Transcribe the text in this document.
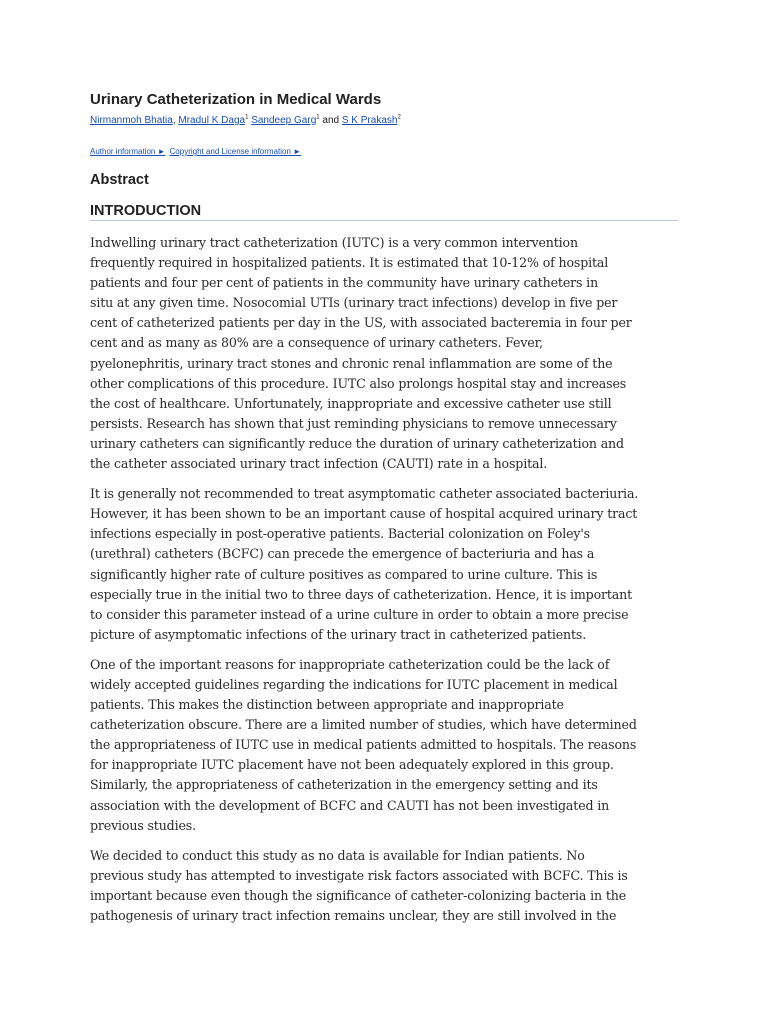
Urinary Catheterization in Medical Wards
Nirmanmoh Bhatia, Mradul K Daga$^1$ Sandeep Garg$^1$ and S K Prakash$^2$
Author information ► Copyright and License information ►
Abstract
INTRODUCTION

Indwelling urinary tract catheterization (IUTC) is a very common intervention
frequently required in hospitalized patients. It is estimated that 10-12% of hospital
patients and four per cent of patients in the community have urinary catheters in
situ at any given time. Nosocomial UTIs (urinary tract infections) develop in five per
cent of catheterized patients per day in the US, with associated bacteremia in four per
cent and as many as 80% are a consequence of urinary catheters. Fever,
pyelonephritis, urinary tract stones and chronic renal inflammation are some of the
other complications of this procedure. IUTC also prolongs hospital stay and increases
the cost of healthcare. Unfortunately, inappropriate and excessive catheter use still
persists. Research has shown that just reminding physicians to remove unnecessary
urinary catheters can significantly reduce the duration of urinary catheterization and
the catheter associated urinary tract infection (CAUTI) rate in a hospital.

It is generally not recommended to treat asymptomatic catheter associated bacteriuria.
However, it has been shown to be an important cause of hospital acquired urinary tract
infections especially in post-operative patients. Bacterial colonization on Foley's
(urethral) catheters (BCFC) can precede the emergence of bacteriuria and has a
significantly higher rate of culture positives as compared to urine culture. This is
especially true in the initial two to three days of catheterization. Hence, it is important
to consider this parameter instead of a urine culture in order to obtain a more precise
picture of asymptomatic infections of the urinary tract in catheterized patients.

One of the important reasons for inappropriate catheterization could be the lack of
widely accepted guidelines regarding the indications for IUTC placement in medical
patients. This makes the distinction between appropriate and inappropriate
catheterization obscure. There are a limited number of studies, which have determined
the appropriateness of IUTC use in medical patients admitted to hospitals. The reasons
for inappropriate IUTC placement have not been adequately explored in this group.
Similarly, the appropriateness of catheterization in the emergency setting and its
association with the development of BCFC and CAUTI has not been investigated in
previous studies.

We decided to conduct this study as no data is available for Indian patients. No
previous study has attempted to investigate risk factors associated with BCFC. This is
important because even though the significance of catheter-colonizing bacteria in the
pathogenesis of urinary tract infection remains unclear, they are still involved in the
